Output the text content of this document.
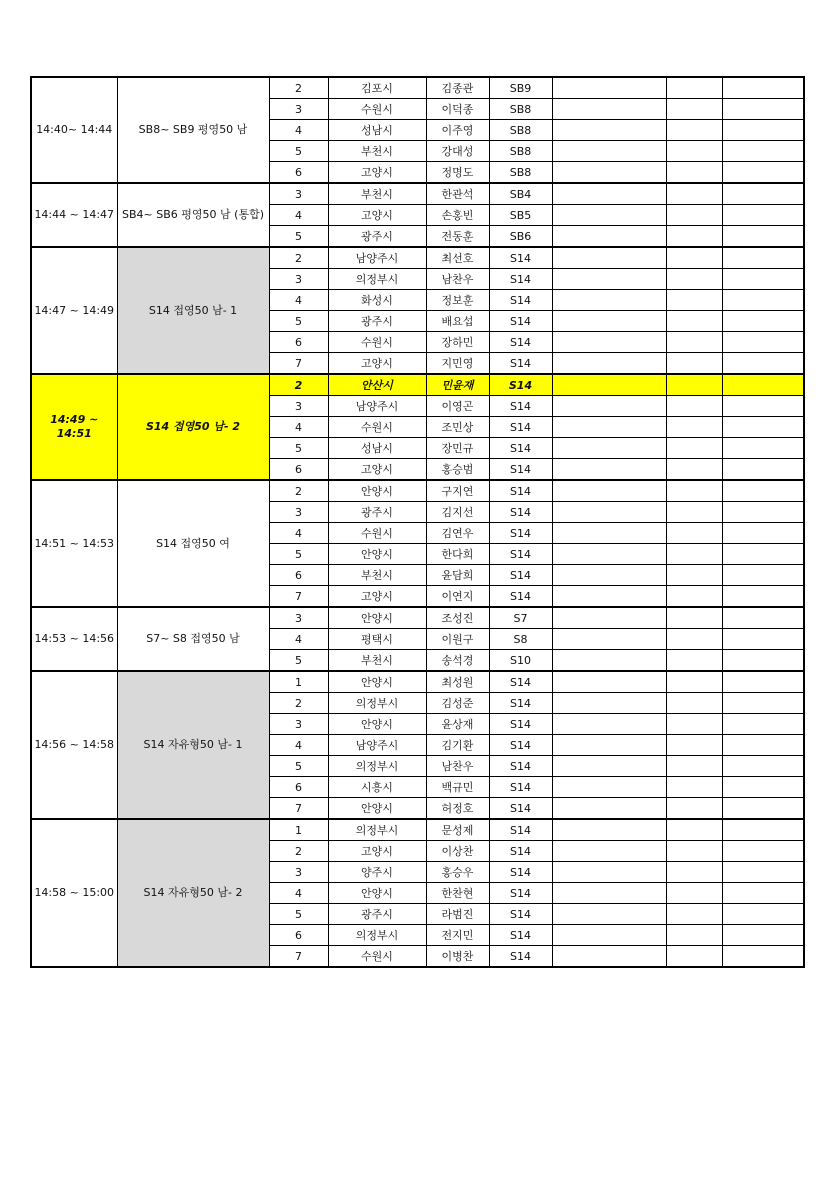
14:40~ 14:44	SB8~ SB9 평영50 남	2	김포시	김종관	SB9			
		3	수원시	이덕종	SB8			
		4	성남시	이주영	SB8			
		5	부천시	강대성	SB8			
		6	고양시	정명도	SB8			
14:44 ~ 14:47	SB4~ SB6 평영50 남 (통합)	3	부천시	한관석	SB4			
		4	고양시	손홍빈	SB5			
		5	광주시	전동훈	SB6			
14:47 ~ 14:49	S14 접영50 남- 1	2	남양주시	최선호	S14			
		3	의정부시	남찬우	S14			
		4	화성시	정보훈	S14			
		5	광주시	배요섭	S14			
		6	수원시	장하민	S14			
		7	고양시	지민영	S14			
14:49 ~ 14:51	S14 접영50 남- 2	2	안산시	민윤재	S14			
		3	남양주시	이영곤	S14			
		4	수원시	조민상	S14			
		5	성남시	장민규	S14			
		6	고양시	홍승범	S14			
14:51 ~ 14:53	S14 접영50 여	2	안양시	구지연	S14			
		3	광주시	김지선	S14			
		4	수원시	김연우	S14			
		5	안양시	한다희	S14			
		6	부천시	윤담희	S14			
		7	고양시	이연지	S14			
14:53 ~ 14:56	S7~ S8 접영50 남	3	안양시	조성진	S7			
		4	평택시	이원구	S8			
		5	부천시	송석경	S10			
14:56 ~ 14:58	S14 자유형50 남- 1	1	안양시	최성원	S14			
		2	의정부시	김성준	S14			
		3	안양시	윤상재	S14			
		4	남양주시	김기환	S14			
		5	의정부시	남찬우	S14			
		6	시흥시	백규민	S14			
		7	안양시	허정호	S14			
14:58 ~ 15:00	S14 자유형50 남- 2	1	의정부시	문성제	S14			
		2	고양시	이상찬	S14			
		3	양주시	홍승우	S14			
		4	안양시	한찬현	S14			
		5	광주시	라범진	S14			
		6	의정부시	전지민	S14			
		7	수원시	이병찬	S14			
